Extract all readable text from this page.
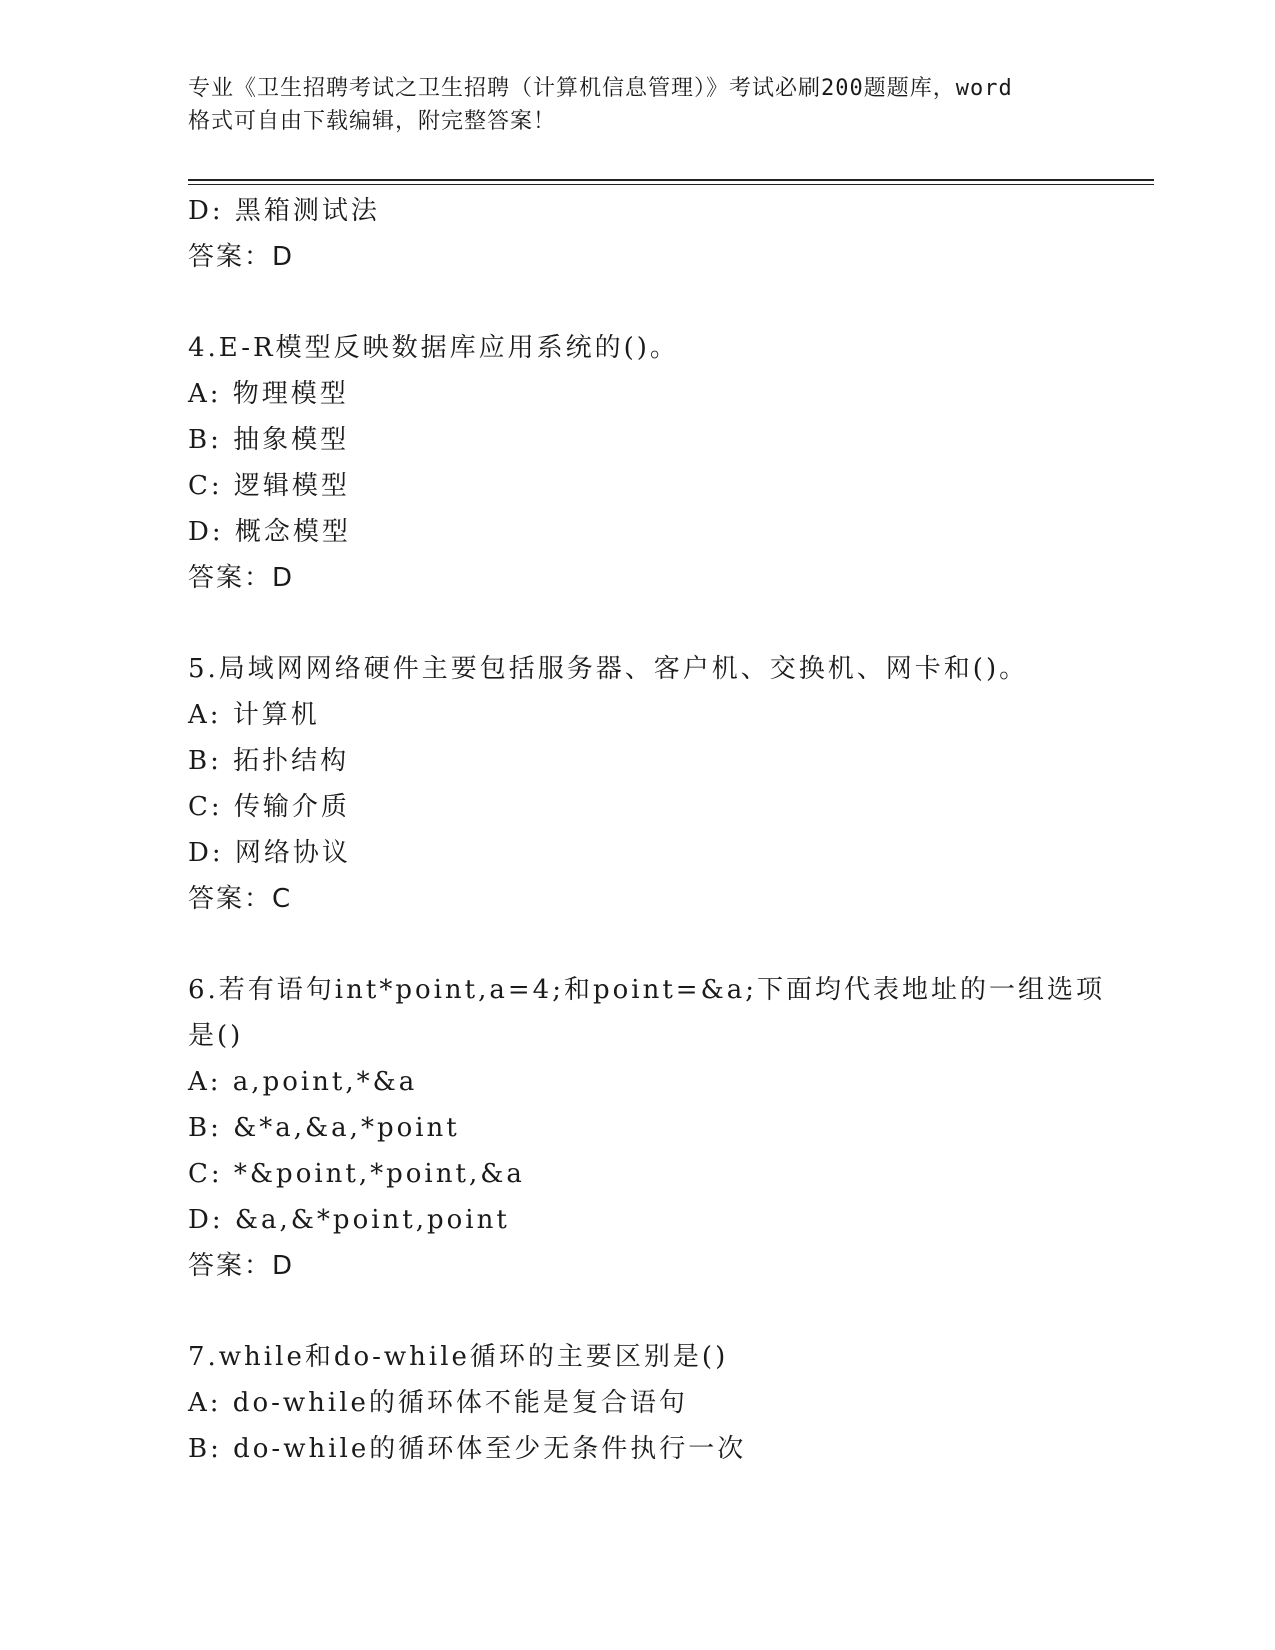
专业《卫生招聘考试之卫生招聘（计算机信息管理）》考试必刷200题题库，word
格式可自由下载编辑，附完整答案！
D: 黑箱测试法
答案：D
4.E-R模型反映数据库应用系统的()。
A: 物理模型
B: 抽象模型
C: 逻辑模型
D: 概念模型
答案：D
5.局域网网络硬件主要包括服务器、客户机、交换机、网卡和()。
A: 计算机
B: 拓扑结构
C: 传输介质
D: 网络协议
答案：C
6.若有语句int*point,a=4;和point=&a;下面均代表地址的一组选项
是()
A: a,point,*&a
B: &*a,&a,*point
C: *&point,*point,&a
D: &a,&*point,point
答案：D
7.while和do-while循环的主要区别是()
A: do-while的循环体不能是复合语句
B: do-while的循环体至少无条件执行一次
